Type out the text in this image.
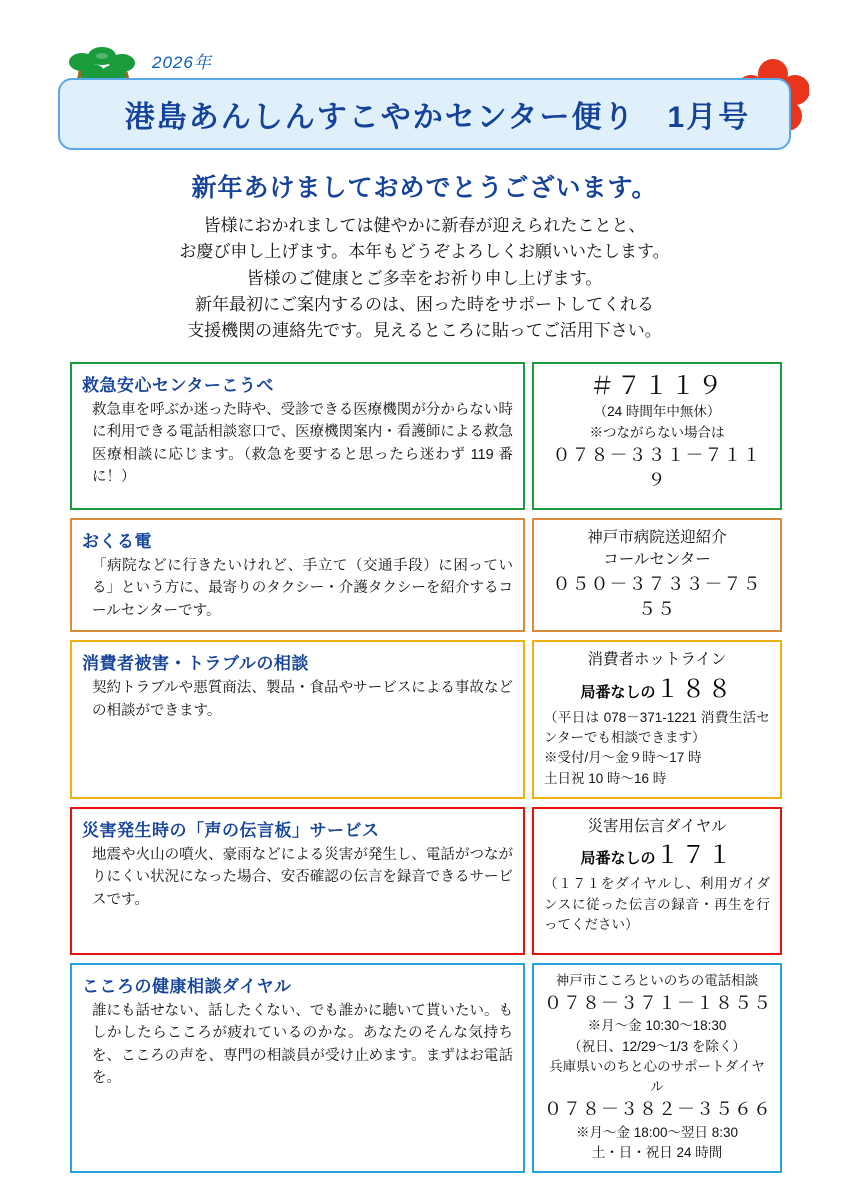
2026年
港島あんしんすこやかセンター便り　1月号
新年あけましておめでとうございます。
皆様におかれましては健やかに新春が迎えられたことと、
お慶び申し上げます。本年もどうぞよろしくお願いいたします。
皆様のご健康とご多幸をお祈り申し上げます。
新年最初にご案内するのは、困った時をサポートしてくれる
支援機関の連絡先です。見えるところに貼ってご活用下さい。
救急安心センターこうべ
救急車を呼ぶか迷った時や、受診できる医療機関が分からない時に利用できる電話相談窓口で、医療機関案内・看護師による救急医療相談に応じます。（救急を要すると思ったら迷わず 119 番に！）
＃７１１９
（24 時間年中無休）
※つながらない場合は
０７８－３３１－７１１９
おくる電
「病院などに行きたいけれど、手立て（交通手段）に困っている」という方に、最寄りのタクシー・介護タクシーを紹介するコールセンターです。
神戸市病院送迎紹介
コールセンター
０５０－３７３３－７５５５
消費者被害・トラブルの相談
契約トラブルや悪質商法、製品・食品やサービスによる事故などの相談ができます。
消費者ホットライン
局番なしの１８８
（平日は 078－371-1221 消費生活センターでも相談できます）
※受付/月～金９時～17 時
土日祝 10 時～16 時
災害発生時の「声の伝言板」サービス
地震や火山の噴火、豪雨などによる災害が発生し、電話がつながりにくい状況になった場合、安否確認の伝言を録音できるサービスです。
災害用伝言ダイヤル
局番なしの１７１
（１７１をダイヤルし、利用ガイダンスに従った伝言の録音・再生を行ってください）
こころの健康相談ダイヤル
誰にも話せない、話したくない、でも誰かに聴いて貰いたい。もしかしたらこころが疲れているのかな。あなたのそんな気持ちを、こころの声を、専門の相談員が受け止めます。まずはお電話を。
神戸市こころといのちの電話相談
０７８－３７１－１８５５
※月～金 10:30～18:30
（祝日、12/29～1/3 を除く）
兵庫県いのちと心のサポートダイヤル
０７８－３８２－３５６６
※月～金 18:00～翌日 8:30
土・日・祝日 24 時間
